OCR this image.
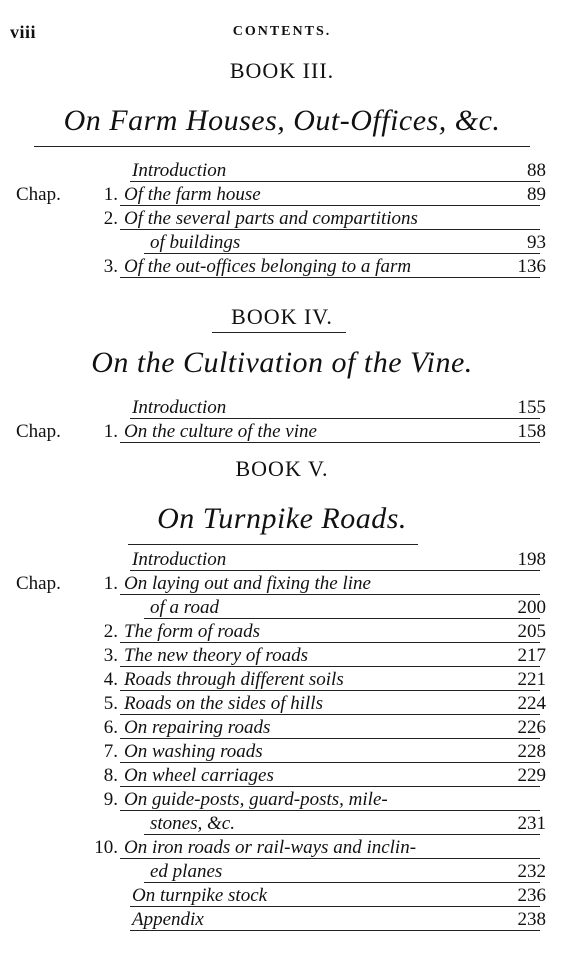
viii	CONTENTS.
BOOK III.
On Farm Houses, Out-Offices, &c.
Introduction	88
Chap. 1. Of the farm house	89
2. Of the several parts and compartitions
of buildings	93
3. Of the out-offices belonging to a farm	136
BOOK IV.
On the Cultivation of the Vine.
Introduction	155
Chap. 1. On the culture of the vine	158
BOOK V.
On Turnpike Roads.
Introduction	198
Chap. 1. On laying out and fixing the line
of a road	200
2. The form of roads	205
3. The new theory of roads	217
4. Roads through different soils	221
5. Roads on the sides of hills	224
6. On repairing roads	226
7. On washing roads	228
8. On wheel carriages	229
9. On guide-posts, guard-posts, mile-
stones, &c.	231
10. On iron roads or rail-ways and inclin-
ed planes	232
On turnpike stock	236
Appendix	238
